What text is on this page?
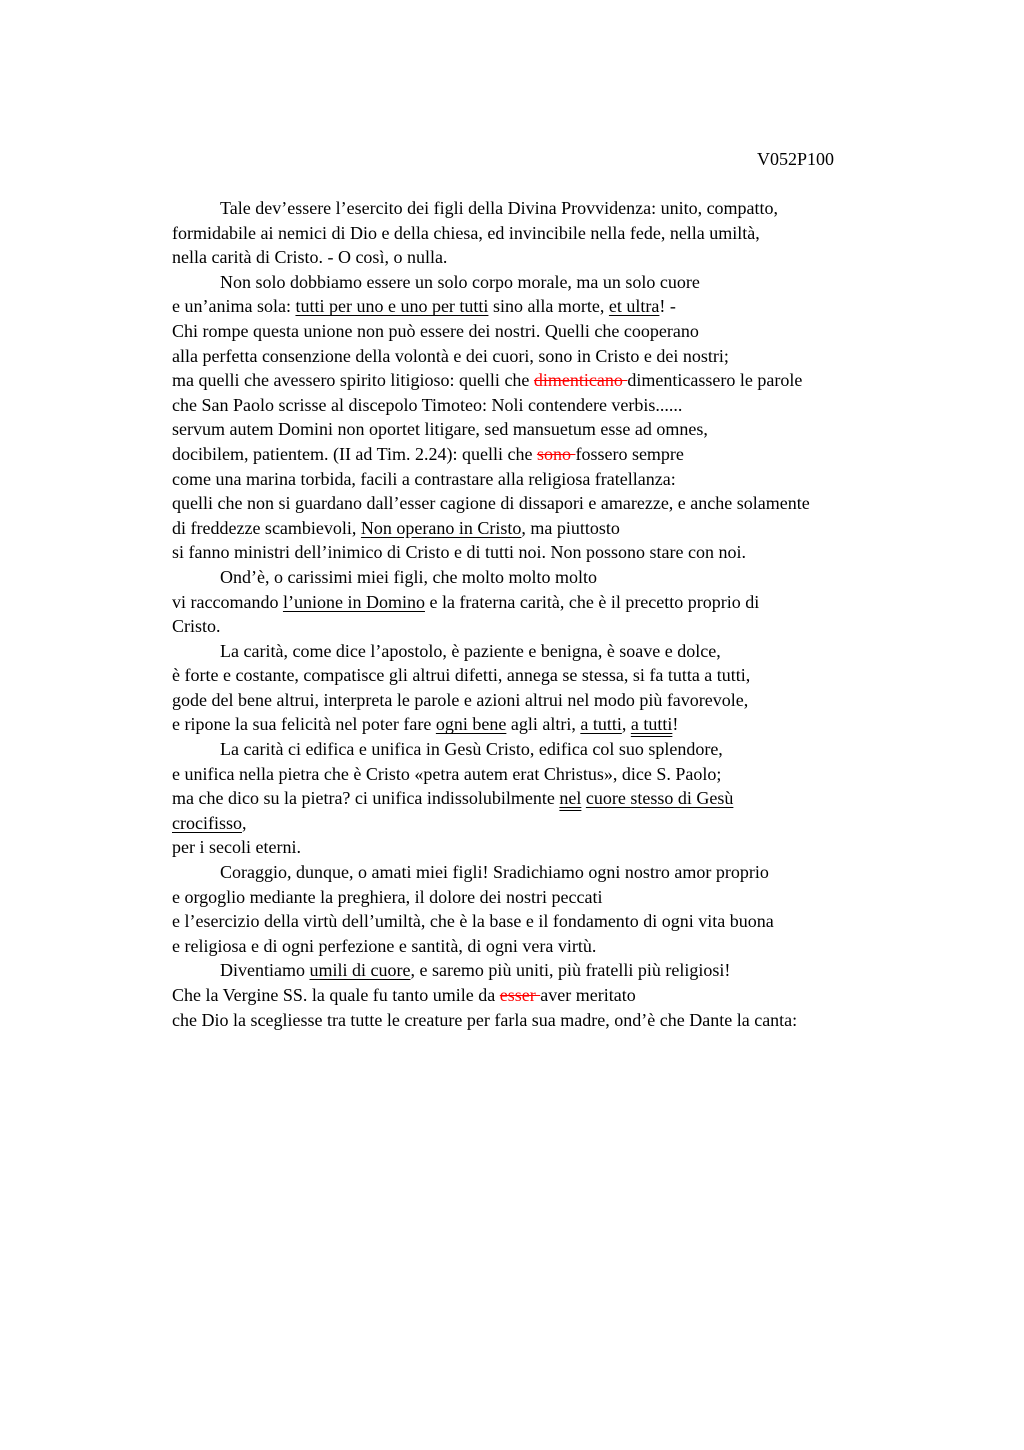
V052P100
Tale dev’essere l’esercito dei figli della Divina Provvidenza: unito, compatto,
formidabile ai nemici di Dio e della chiesa, ed invincibile nella fede, nella umiltà,
nella carità di Cristo. - O così, o nulla.
Non solo dobbiamo essere un solo corpo morale, ma un solo cuore
e un’anima sola: tutti per uno e uno per tutti sino alla morte, et ultra! -
Chi rompe questa unione non può essere dei nostri. Quelli che cooperano
alla perfetta consenzione della volontà e dei cuori, sono in Cristo e dei nostri;
ma quelli che avessero spirito litigioso: quelli che dimenticano dimenticassero le parole
che San Paolo scrisse al discepolo Timoteo: Noli contendere verbis......
servum autem Domini non oportet litigare, sed mansuetum esse ad omnes,
docibilem, patientem. (II ad Tim. 2.24): quelli che sono fossero sempre
come una marina torbida, facili a contrastare alla religiosa fratellanza:
quelli che non si guardano dall’esser cagione di dissapori e amarezze, e anche solamente
di freddezze scambievoli, Non operano in Cristo, ma piuttosto
si fanno ministri dell’inimico di Cristo e di tutti noi. Non possono stare con noi.
Ond’è, o carissimi miei figli, che molto molto molto
vi raccomando l’unione in Domino e la fraterna carità, che è il precetto proprio di
Cristo.
La carità, come dice l’apostolo, è paziente e benigna, è soave e dolce,
è forte e costante, compatisce gli altrui difetti, annega se stessa, si fa tutta a tutti,
gode del bene altrui, interpreta le parole e azioni altrui nel modo più favorevole,
e ripone la sua felicità nel poter fare ogni bene agli altri, a tutti, a tutti!
La carità ci edifica e unifica in Gesù Cristo, edifica col suo splendore,
e unifica nella pietra che è Cristo «petra autem erat Christus», dice S. Paolo;
ma che dico su la pietra? ci unifica indissolubilmente nel cuore stesso di Gesù
crocifisso,
per i secoli eterni.
Coraggio, dunque, o amati miei figli! Sradichiamo ogni nostro amor proprio
e orgoglio mediante la preghiera, il dolore dei nostri peccati
e l’esercizio della virtù dell’umiltà, che è la base e il fondamento di ogni vita buona
e religiosa e di ogni perfezione e santità, di ogni vera virtù.
Diventiamo umili di cuore, e saremo più uniti, più fratelli più religiosi!
Che la Vergine SS. la quale fu tanto umile da esser aver meritato
che Dio la scegliesse tra tutte le creature per farla sua madre, ond’è che Dante la canta:
